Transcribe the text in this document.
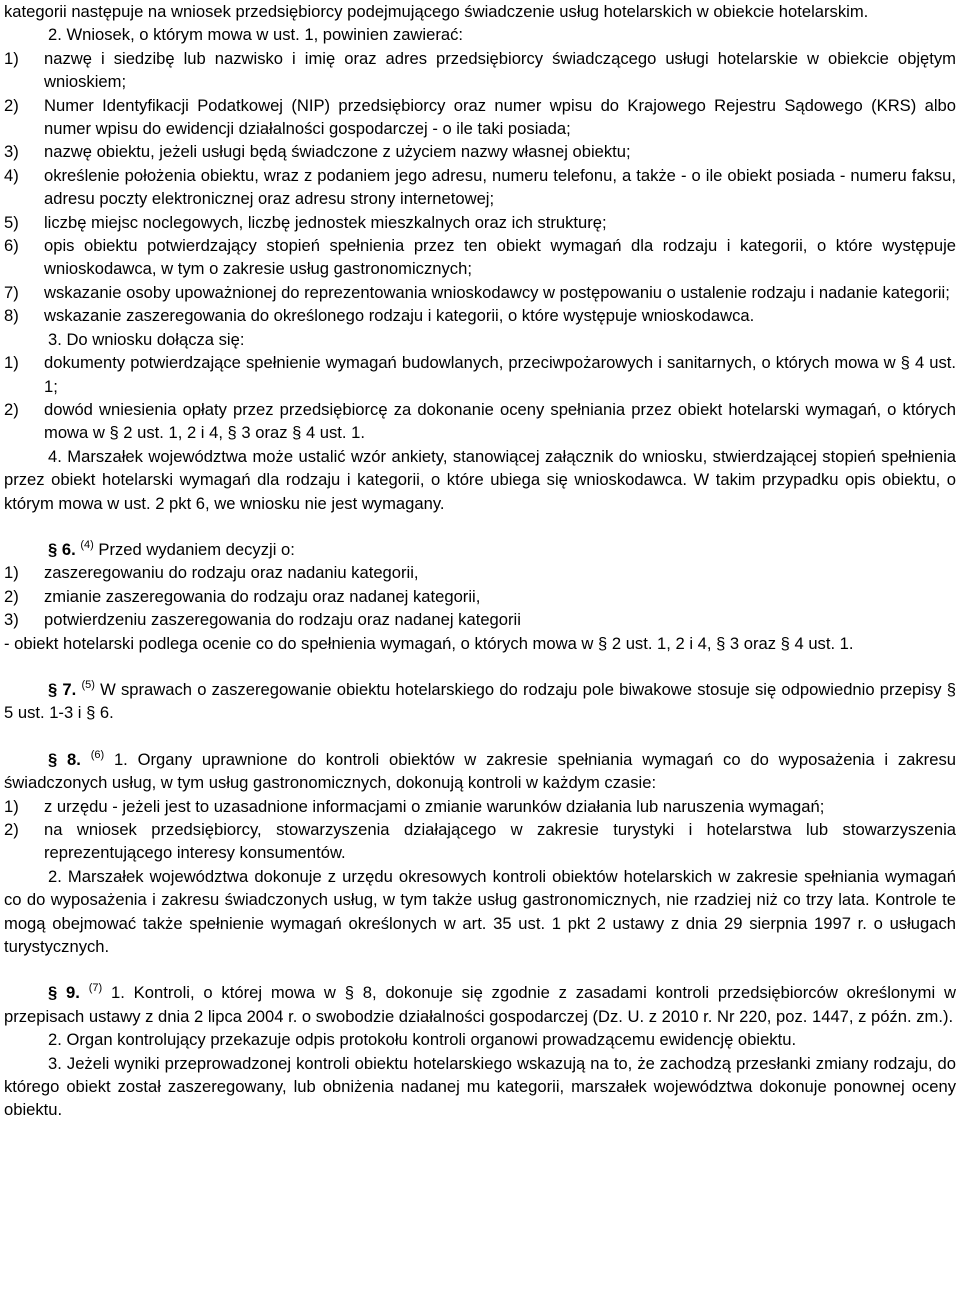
kategorii następuje na wniosek przedsiębiorcy podejmującego świadczenie usług hotelarskich w obiekcie hotelarskim.

2. Wniosek, o którym mowa w ust. 1, powinien zawierać:

1)	nazwę i siedzibę lub nazwisko i imię oraz adres przedsiębiorcy świadczącego usługi hotelarskie w obiekcie objętym wnioskiem;
2)	Numer Identyfikacji Podatkowej (NIP) przedsiębiorcy oraz numer wpisu do Krajowego Rejestru Sądowego (KRS) albo numer wpisu do ewidencji działalności gospodarczej - o ile taki posiada;
3)	nazwę obiektu, jeżeli usługi będą świadczone z użyciem nazwy własnej obiektu;
4)	określenie położenia obiektu, wraz z podaniem jego adresu, numeru telefonu, a także - o ile obiekt posiada - numeru faksu, adresu poczty elektronicznej oraz adresu strony internetowej;
5)	liczbę miejsc noclegowych, liczbę jednostek mieszkalnych oraz ich strukturę;
6)	opis obiektu potwierdzający stopień spełnienia przez ten obiekt wymagań dla rodzaju i kategorii, o które występuje wnioskodawca, w tym o zakresie usług gastronomicznych;
7)	wskazanie osoby upoważnionej do reprezentowania wnioskodawcy w postępowaniu o ustalenie rodzaju i nadanie kategorii;
8)	wskazanie zaszeregowania do określonego rodzaju i kategorii, o które występuje wnioskodawca.

3. Do wniosku dołącza się:

1)	dokumenty potwierdzające spełnienie wymagań budowlanych, przeciwpożarowych i sanitarnych, o których mowa w § 4 ust. 1;
2)	dowód wniesienia opłaty przez przedsiębiorcę za dokonanie oceny spełniania przez obiekt hotelarski wymagań, o których mowa w § 2 ust. 1, 2 i 4, § 3 oraz § 4 ust. 1.

4. Marszałek województwa może ustalić wzór ankiety, stanowiącej załącznik do wniosku, stwierdzającej stopień spełnienia przez obiekt hotelarski wymagań dla rodzaju i kategorii, o które ubiega się wnioskodawca. W takim przypadku opis obiektu, o którym mowa w ust. 2 pkt 6, we wniosku nie jest wymagany.

§ 6. $^{(4)}$ Przed wydaniem decyzji o:

1)	zaszeregowaniu do rodzaju oraz nadaniu kategorii,
2)	zmianie zaszeregowania do rodzaju oraz nadanej kategorii,
3)	potwierdzeniu zaszeregowania do rodzaju oraz nadanej kategorii

- obiekt hotelarski podlega ocenie co do spełnienia wymagań, o których mowa w § 2 ust. 1, 2 i 4, § 3 oraz § 4 ust. 1.

§ 7. $^{(5)}$ W sprawach o zaszeregowanie obiektu hotelarskiego do rodzaju pole biwakowe stosuje się odpowiednio przepisy § 5 ust. 1-3 i § 6.

§ 8. $^{(6)}$ 1. Organy uprawnione do kontroli obiektów w zakresie spełniania wymagań co do wyposażenia i zakresu świadczonych usług, w tym usług gastronomicznych, dokonują kontroli w każdym czasie:

1)	z urzędu - jeżeli jest to uzasadnione informacjami o zmianie warunków działania lub naruszenia wymagań;
2)	na wniosek przedsiębiorcy, stowarzyszenia działającego w zakresie turystyki i hotelarstwa lub stowarzyszenia reprezentującego interesy konsumentów.

2. Marszałek województwa dokonuje z urzędu okresowych kontroli obiektów hotelarskich w zakresie spełniania wymagań co do wyposażenia i zakresu świadczonych usług, w tym także usług gastronomicznych, nie rzadziej niż co trzy lata. Kontrole te mogą obejmować także spełnienie wymagań określonych w art. 35 ust. 1 pkt 2 ustawy z dnia 29 sierpnia 1997 r. o usługach turystycznych.

§ 9. $^{(7)}$ 1. Kontroli, o której mowa w § 8, dokonuje się zgodnie z zasadami kontroli przedsiębiorców określonymi w przepisach ustawy z dnia 2 lipca 2004 r. o swobodzie działalności gospodarczej (Dz. U. z 2010 r. Nr 220, poz. 1447, z późn. zm.).

2. Organ kontrolujący przekazuje odpis protokołu kontroli organowi prowadzącemu ewidencję obiektu.

3. Jeżeli wyniki przeprowadzonej kontroli obiektu hotelarskiego wskazują na to, że zachodzą przesłanki zmiany rodzaju, do którego obiekt został zaszeregowany, lub obniżenia nadanej mu kategorii, marszałek województwa dokonuje ponownej oceny obiektu.
